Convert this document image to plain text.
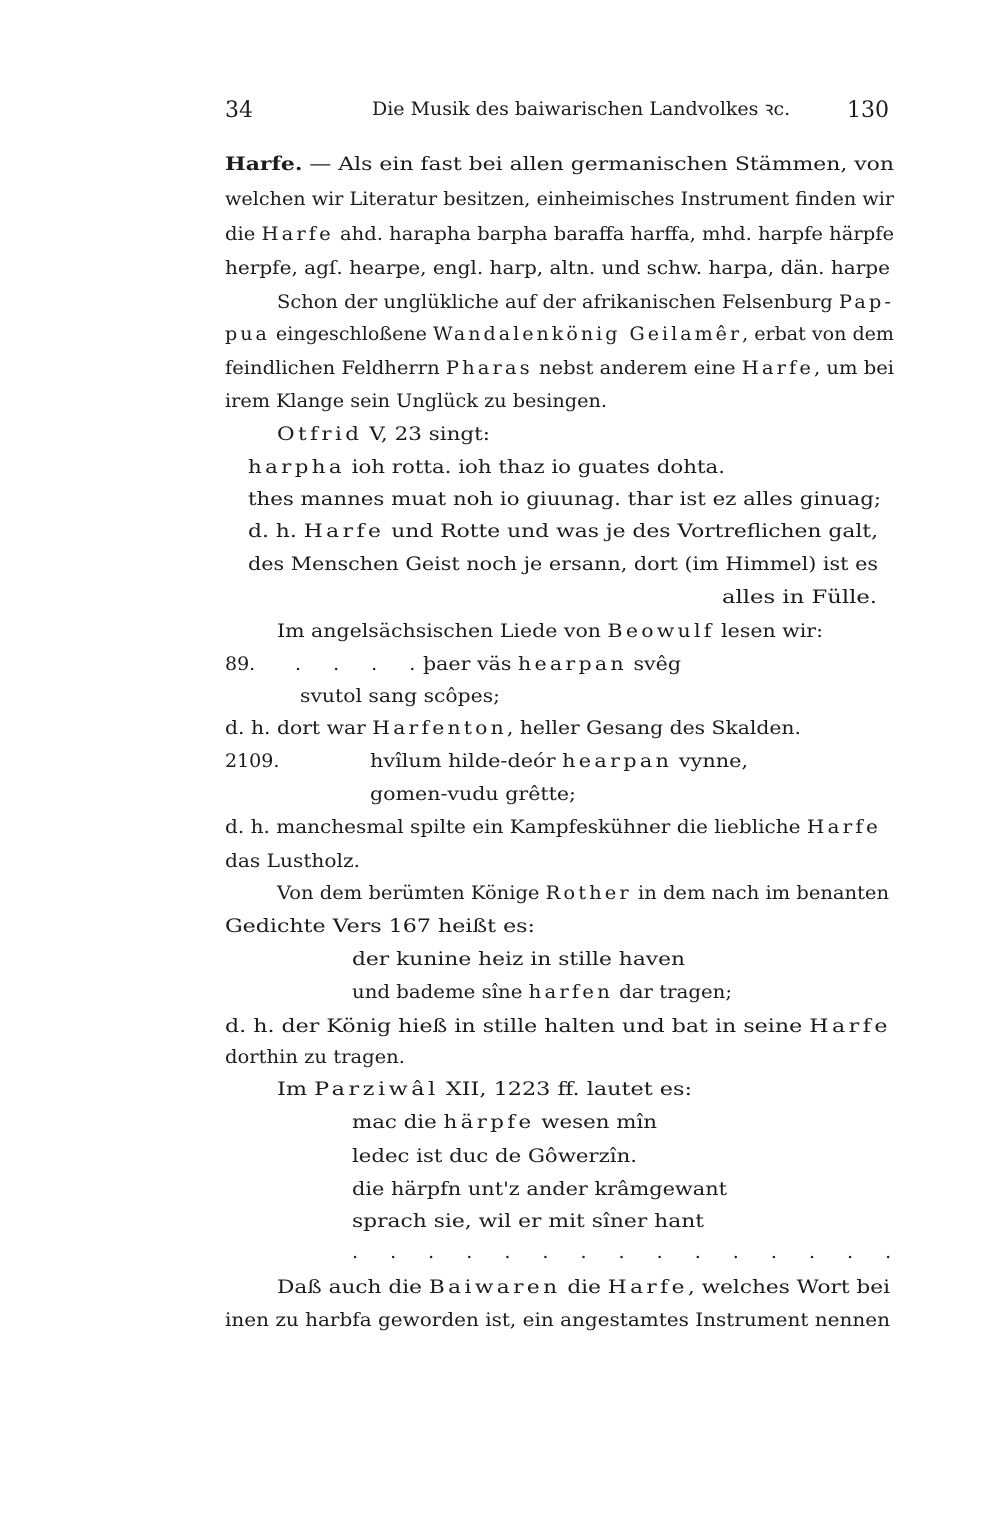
34	Die Musik des baiwarischen Landvolkes ꝛc.	130
Harfe. — Als ein fast bei allen germanischen Stämmen, von
welchen wir Literatur besitzen, einheimisches Instrument finden wir
die Harfe ahd. harapha barpha baraffa harffa, mhd. harpfe härpfe
herpfe, agſ. hearpe, engl. harp, altn. und schw. harpa, dän. harpe
Schon der unglükliche auf der afrikanischen Felsenburg Pap-
pua eingeschloßene Wandalenkönig Geilamêr, erbat von dem
feindlichen Feldherrn Pharas nebst anderem eine Harfe, um bei
irem Klange sein Unglück zu besingen.
Otfrid V, 23 singt:
harpha ioh rotta. ioh thaz io guates dohta.
thes mannes muat noh io giuunag. thar ist ez alles ginuag;
d. h. Harfe und Rotte und was je des Vortreflichen galt,
des Menschen Geist noch je ersann, dort (im Himmel) ist es
alles in Fülle.
Im angelsächsischen Liede von Beowulf lesen wir:
89. . . . .
þaer väs hearpan svêg
svutol sang scôpes;
d. h. dort war Harfenton, heller Gesang des Skalden.
2109.	hvîlum hilde-deór hearpan vynne,
gomen-vudu grêtte;
d. h. manchesmal spilte ein Kampfeskühner die liebliche Harfe
das Lustholz.
Von dem berümten Könige Rother in dem nach im benanten
Gedichte Vers 167 heißt es:
der kunine heiz in stille haven
und bademe sîne harfen dar tragen;
d. h. der König hieß in stille halten und bat in seine Harfe
dorthin zu tragen.
Im Parziwâl XII, 1223 ff. lautet es:
mac die härpfe wesen mîn
ledec ist duc de Gôwerzîn.
die härpfn unt'z ander krâmgewant
sprach sie, wil er mit sîner hant
. . . . . . . . . . . . . . .
Daß auch die Baiwaren die Harfe, welches Wort bei
inen zu harbfa geworden ist, ein angestamtes Instrument nennen
